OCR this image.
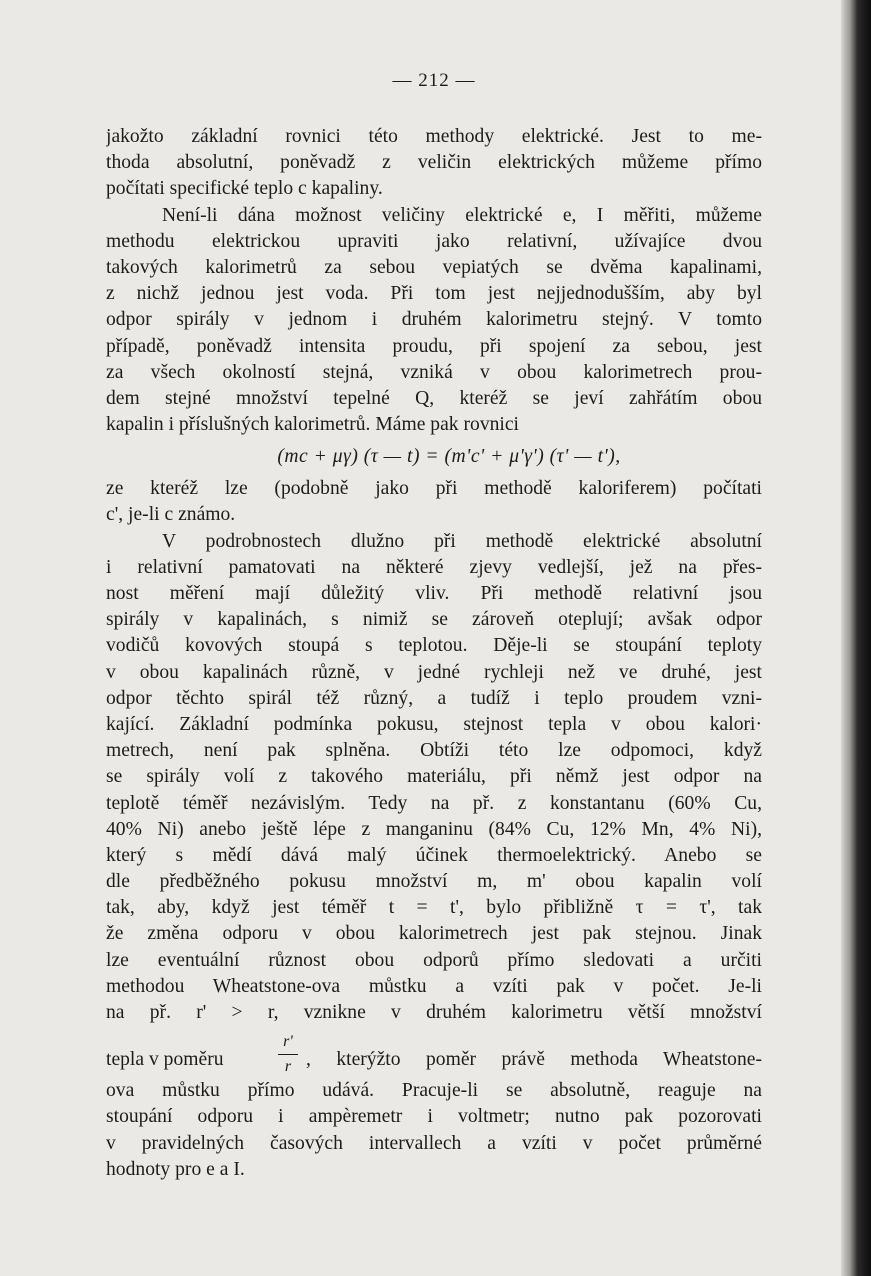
— 212 —
jakožto základní rovnici této methody elektrické. Jest to me-
thoda absolutní, poněvadž z veličin elektrických můžeme přímo
počítati specifické teplo c kapaliny.
Není-li dána možnost veličiny elektrické e, I měřiti, můžeme
methodu elektrickou upraviti jako relativní, užívajíce dvou
takových kalorimetrů za sebou vepiatých se dvěma kapalinami,
z nichž jednou jest voda. Při tom jest nejjednodušším, aby byl
odpor spirály v jednom i druhém kalorimetru stejný. V tomto
případě, poněvadž intensita proudu, při spojení za sebou, jest
za všech okolností stejná, vzniká v obou kalorimetrech prou-
dem stejné množství tepelné Q, kteréž se jeví zahřátím obou
kapalin i příslušných kalorimetrů. Máme pak rovnici
(mc + μγ) (τ — t) = (m'c' + μ'γ') (τ' — t'),
ze kteréž lze (podobně jako při methodě kaloriferem) počítati
c', je-li c známo.
V podrobnostech dlužno při methodě elektrické absolutní
i relativní pamatovati na některé zjevy vedlejší, jež na přes-
nost měření mají důležitý vliv. Při methodě relativní jsou
spirály v kapalinách, s nimiž se zároveň oteplují; avšak odpor
vodičů kovových stoupá s teplotou. Děje-li se stoupání teploty
v obou kapalinách různě, v jedné rychleji než ve druhé, jest
odpor těchto spirál též různý, a tudíž i teplo proudem vzni-
kající. Základní podmínka pokusu, stejnost tepla v obou kalori·
metrech, není pak splněna. Obtíži této lze odpomoci, když
se spirály volí z takového materiálu, při němž jest odpor na
teplotě téměř nezávislým. Tedy na př. z konstantanu (60% Cu,
40% Ni) anebo ještě lépe z manganinu (84% Cu, 12% Mn, 4% Ni),
který s mědí dává malý účinek thermoelektrický. Anebo se
dle předběžného pokusu množství m, m' obou kapalin volí
tak, aby, když jest téměř t = t', bylo přibližně τ = τ', tak
že změna odporu v obou kalorimetrech jest pak stejnou. Jinak
lze eventuální různost obou odporů přímo sledovati a určiti
methodou Wheatstone-ova můstku a vzíti pak v počet. Je-li
na př. r' > r, vznikne v druhém kalorimetru větší množství
tepla v poměru
r'
r , kterýžto poměr právě methoda Wheatstone-
ova můstku přímo udává. Pracuje-li se absolutně, reaguje na
stoupání odporu i ampèremetr i voltmetr; nutno pak pozorovati
v pravidelných časových intervallech a vzíti v počet průměrné
hodnoty pro e a I.
